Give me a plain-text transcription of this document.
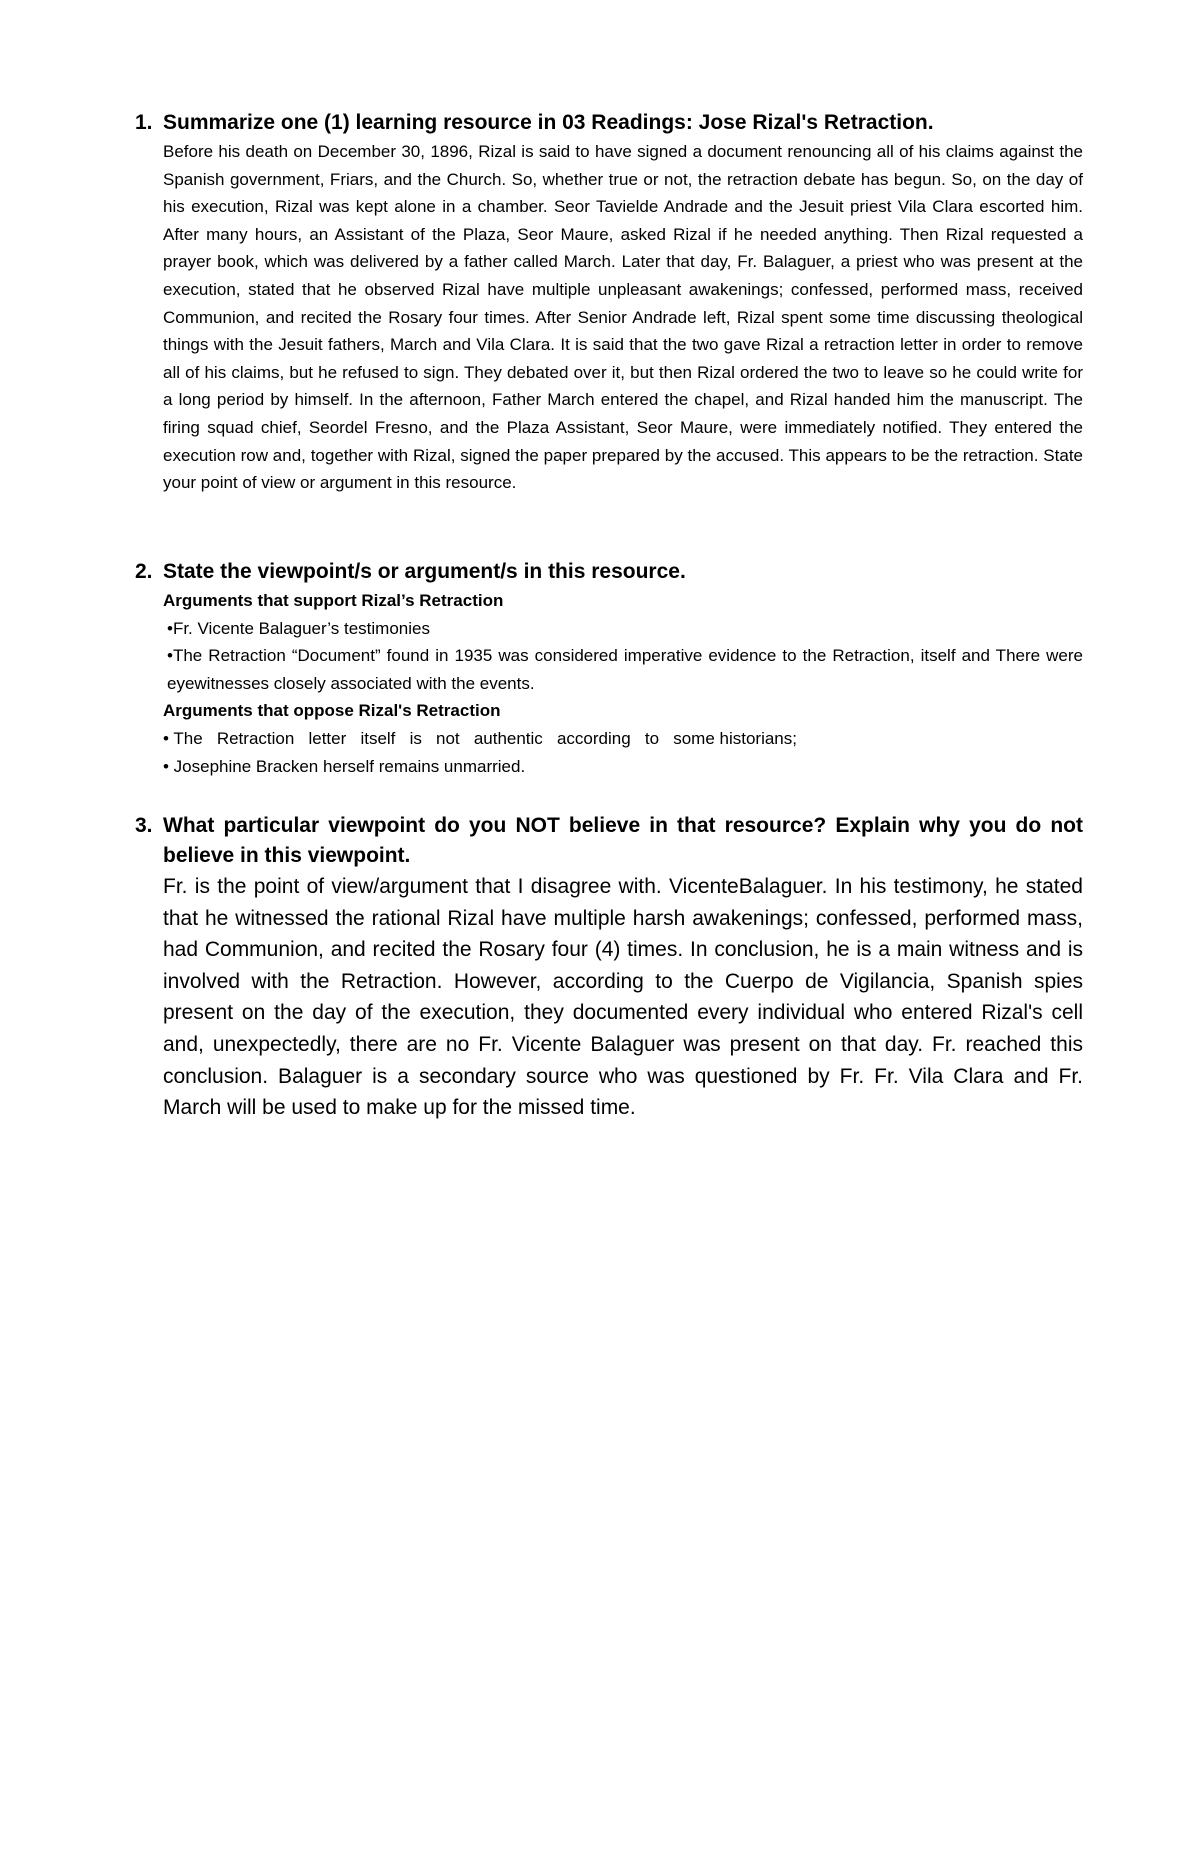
1. Summarize one (1) learning resource in 03 Readings: Jose Rizal's Retraction.
Before his death on December 30, 1896, Rizal is said to have signed a document renouncing all of his claims against the Spanish government, Friars, and the Church. So, whether true or not, the retraction debate has begun. So, on the day of his execution, Rizal was kept alone in a chamber. Seor Tavielde Andrade and the Jesuit priest Vila Clara escorted him. After many hours, an Assistant of the Plaza, Seor Maure, asked Rizal if he needed anything. Then Rizal requested a prayer book, which was delivered by a father called March. Later that day, Fr. Balaguer, a priest who was present at the execution, stated that he observed Rizal have multiple unpleasant awakenings; confessed, performed mass, received Communion, and recited the Rosary four times. After Senior Andrade left, Rizal spent some time discussing theological things with the Jesuit fathers, March and Vila Clara. It is said that the two gave Rizal a retraction letter in order to remove all of his claims, but he refused to sign. They debated over it, but then Rizal ordered the two to leave so he could write for a long period by himself. In the afternoon, Father March entered the chapel, and Rizal handed him the manuscript. The firing squad chief, Seordel Fresno, and the Plaza Assistant, Seor Maure, were immediately notified. They entered the execution row and, together with Rizal, signed the paper prepared by the accused. This appears to be the retraction. State your point of view or argument in this resource.
2. State the viewpoint/s or argument/s in this resource.
Arguments that support Rizal’s Retraction
•Fr. Vicente Balaguer’s testimonies
•The Retraction “Document” found in 1935 was considered imperative evidence to the Retraction, itself and There were eyewitnesses closely associated with the events.
Arguments that oppose Rizal's Retraction
• The   Retraction   letter   itself   is   not   authentic   according   to   some historians;
• Josephine Bracken herself remains unmarried.
3. What particular viewpoint do you NOT believe in that resource? Explain why you do not believe in this viewpoint.
Fr. is the point of view/argument that I disagree with. VicenteBalaguer. In his testimony, he stated that he witnessed the rational Rizal have multiple harsh awakenings; confessed, performed mass, had Communion, and recited the Rosary four (4) times. In conclusion, he is a main witness and is involved with the Retraction. However, according to the Cuerpo de Vigilancia, Spanish spies present on the day of the execution, they documented every individual who entered Rizal's cell and, unexpectedly, there are no Fr. Vicente Balaguer was present on that day. Fr. reached this conclusion. Balaguer is a secondary source who was questioned by Fr. Fr. Vila Clara and Fr. March will be used to make up for the missed time.
